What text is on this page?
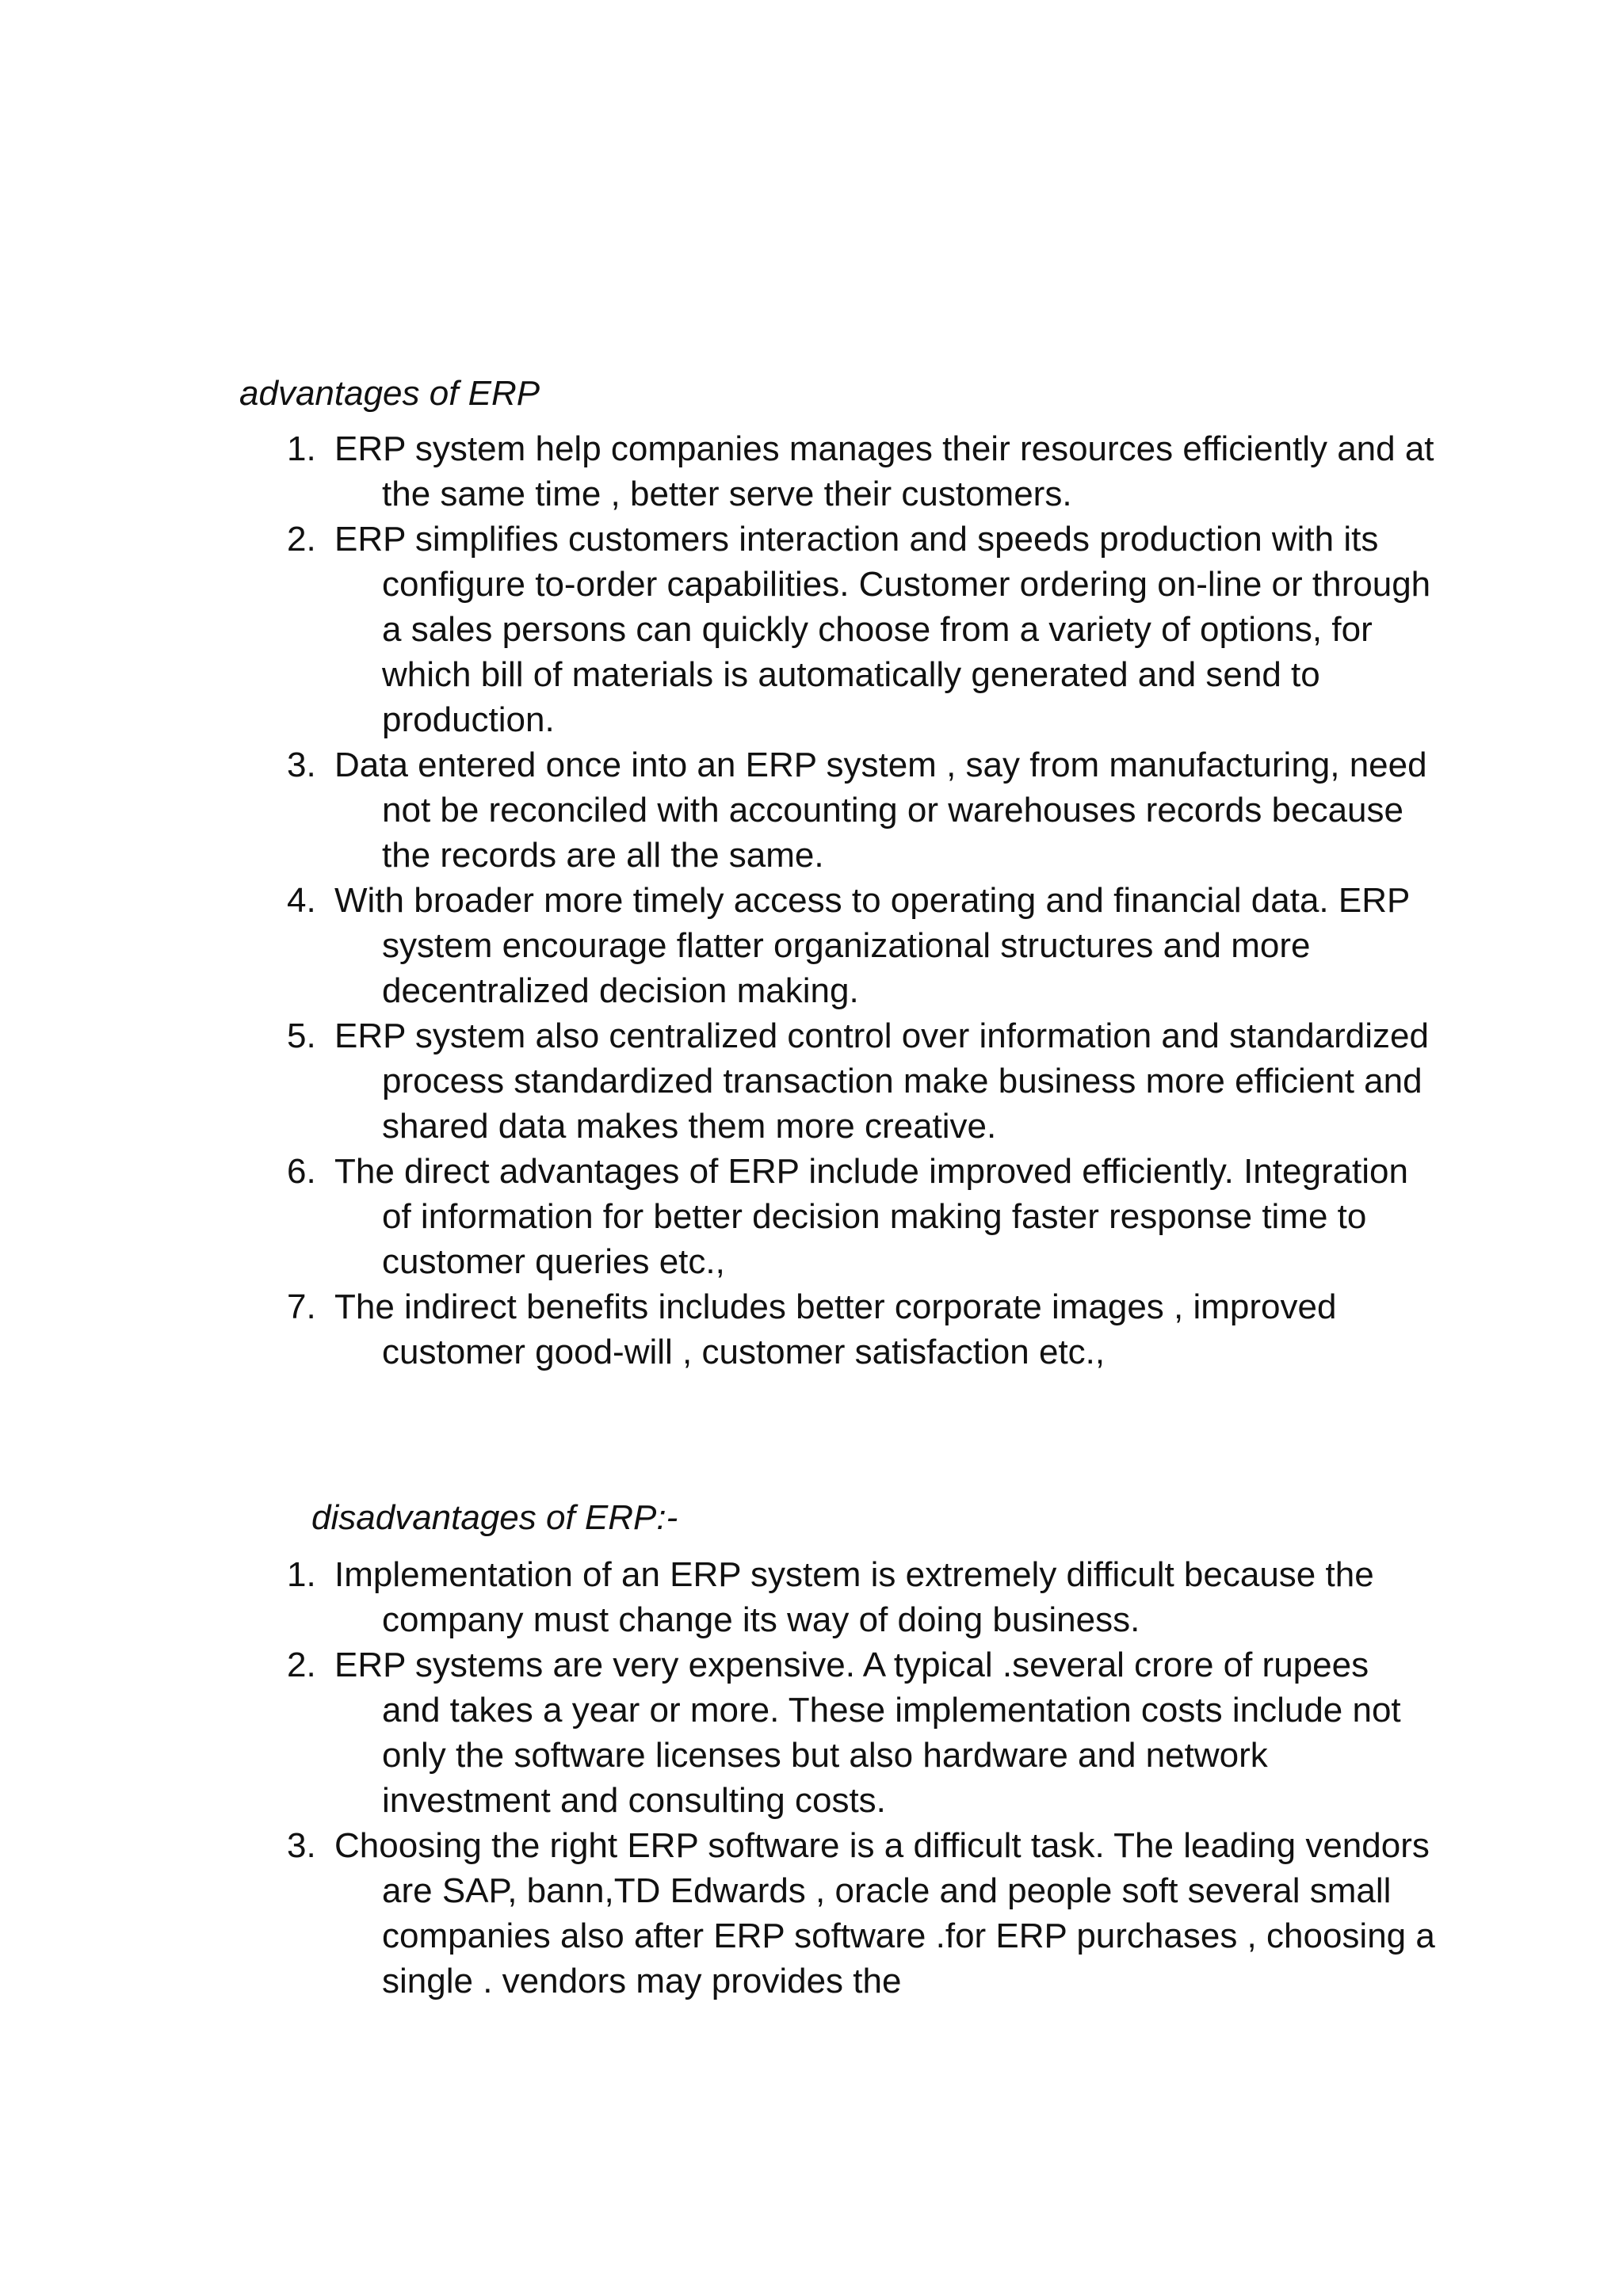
advantages of ERP
1. ERP system help companies manages their resources efficiently and at the same time , better serve their customers.
2. ERP simplifies customers interaction and speeds production with its configure to-order capabilities. Customer ordering on-line or through a sales persons can quickly choose from a variety of options, for which bill of materials is automatically generated and send to production.
3. Data entered once into an ERP system , say from manufacturing, need not be reconciled with accounting or warehouses records because the records are all the same.
4. With broader more timely access to operating and financial data. ERP system encourage flatter organizational structures and more decentralized decision making.
5. ERP system also centralized control over information and standardized process standardized transaction make business more efficient and shared data makes them more creative.
6. The direct advantages of ERP include improved efficiently. Integration of information for better decision making faster response time to customer queries etc.,
7. The indirect benefits includes better corporate images , improved customer good-will , customer satisfaction etc.,
disadvantages of ERP:-
1. Implementation of an ERP system is extremely difficult because the company must change its way of doing business.
2. ERP systems are very expensive. A typical .several crore of rupees and takes a year or more. These implementation costs include not only the software licenses but also hardware and network investment and consulting costs.
3. Choosing the right ERP software is a difficult task. The leading vendors are SAP, bann,TD Edwards , oracle and people soft several small companies also after ERP software .for ERP purchases , choosing a single . vendors may provides the
